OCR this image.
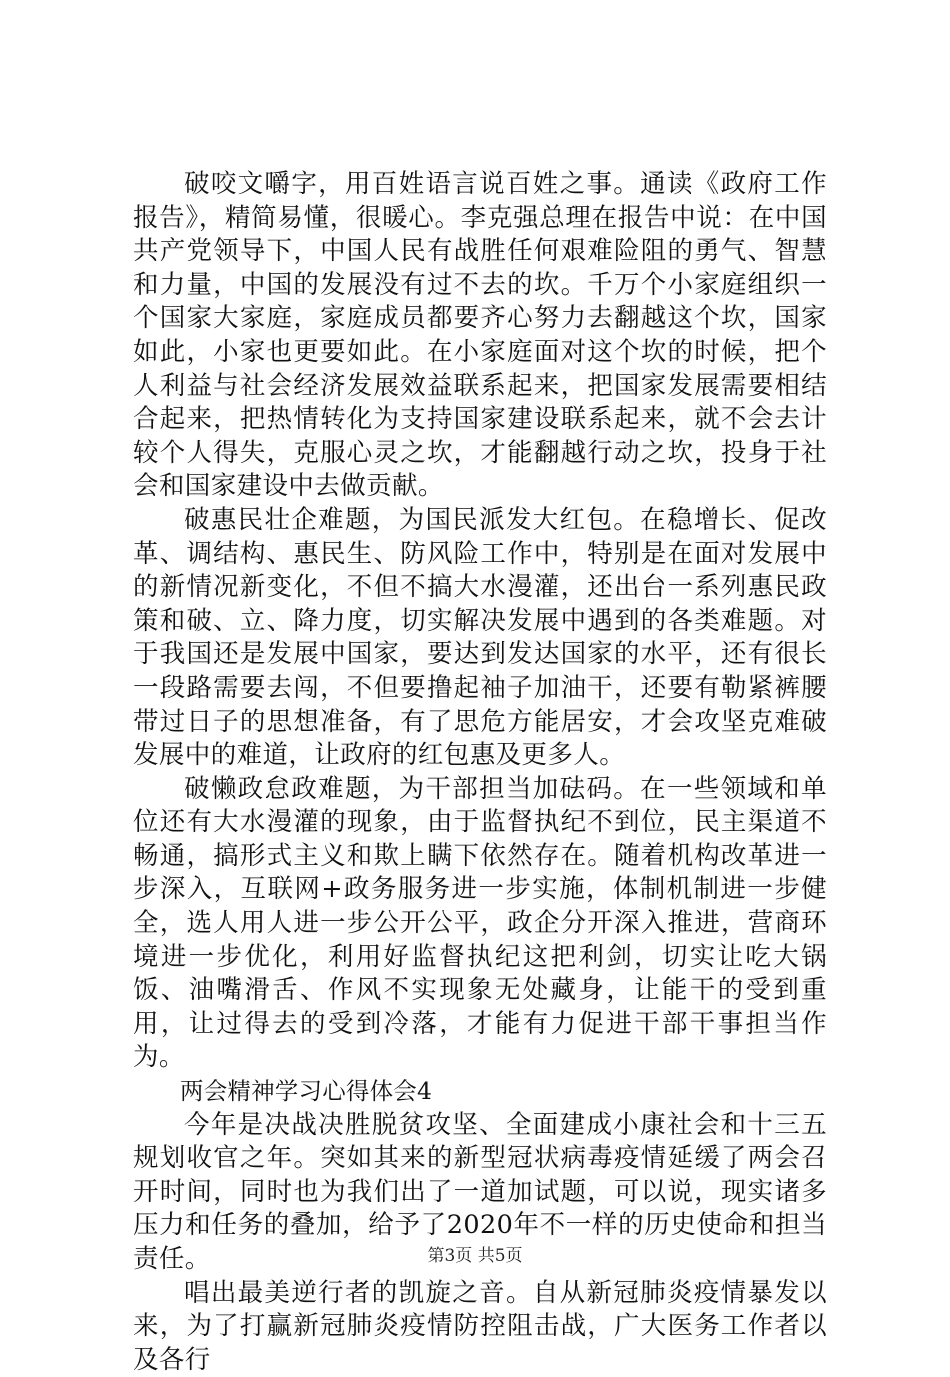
破咬文嚼字，用百姓语言说百姓之事。通读《政府工作报告》，精简易懂，很暖心。李克强总理在报告中说：在中国共产党领导下，中国人民有战胜任何艰难险阻的勇气、智慧和力量，中国的发展没有过不去的坎。千万个小家庭组织一个国家大家庭，家庭成员都要齐心努力去翻越这个坎，国家如此，小家也更要如此。在小家庭面对这个坎的时候，把个人利益与社会经济发展效益联系起来，把国家发展需要相结合起来，把热情转化为支持国家建设联系起来，就不会去计较个人得失，克服心灵之坎，才能翻越行动之坎，投身于社会和国家建设中去做贡献。

破惠民壮企难题，为国民派发大红包。在稳增长、促改革、调结构、惠民生、防风险工作中，特别是在面对发展中的新情况新变化，不但不搞大水漫灌，还出台一系列惠民政策和破、立、降力度，切实解决发展中遇到的各类难题。对于我国还是发展中国家，要达到发达国家的水平，还有很长一段路需要去闯，不但要撸起袖子加油干，还要有勒紧裤腰带过日子的思想准备，有了思危方能居安，才会攻坚克难破发展中的难道，让政府的红包惠及更多人。

破懒政怠政难题，为干部担当加砝码。在一些领域和单位还有大水漫灌的现象，由于监督执纪不到位，民主渠道不畅通，搞形式主义和欺上瞒下依然存在。随着机构改革进一步深入，互联网+政务服务进一步实施，体制机制进一步健全，选人用人进一步公开公平，政企分开深入推进，营商环境进一步优化，利用好监督执纪这把利剑，切实让吃大锅饭、油嘴滑舌、作风不实现象无处藏身，让能干的受到重用，让过得去的受到冷落，才能有力促进干部干事担当作为。

两会精神学习心得体会4

今年是决战决胜脱贫攻坚、全面建成小康社会和十三五规划收官之年。突如其来的新型冠状病毒疫情延缓了两会召开时间，同时也为我们出了一道加试题，可以说，现实诸多压力和任务的叠加，给予了2020年不一样的历史使命和担当责任。

唱出最美逆行者的凯旋之音。自从新冠肺炎疫情暴发以来，为了打赢新冠肺炎疫情防控阻击战，广大医务工作者以及各行

第3页 共5页
